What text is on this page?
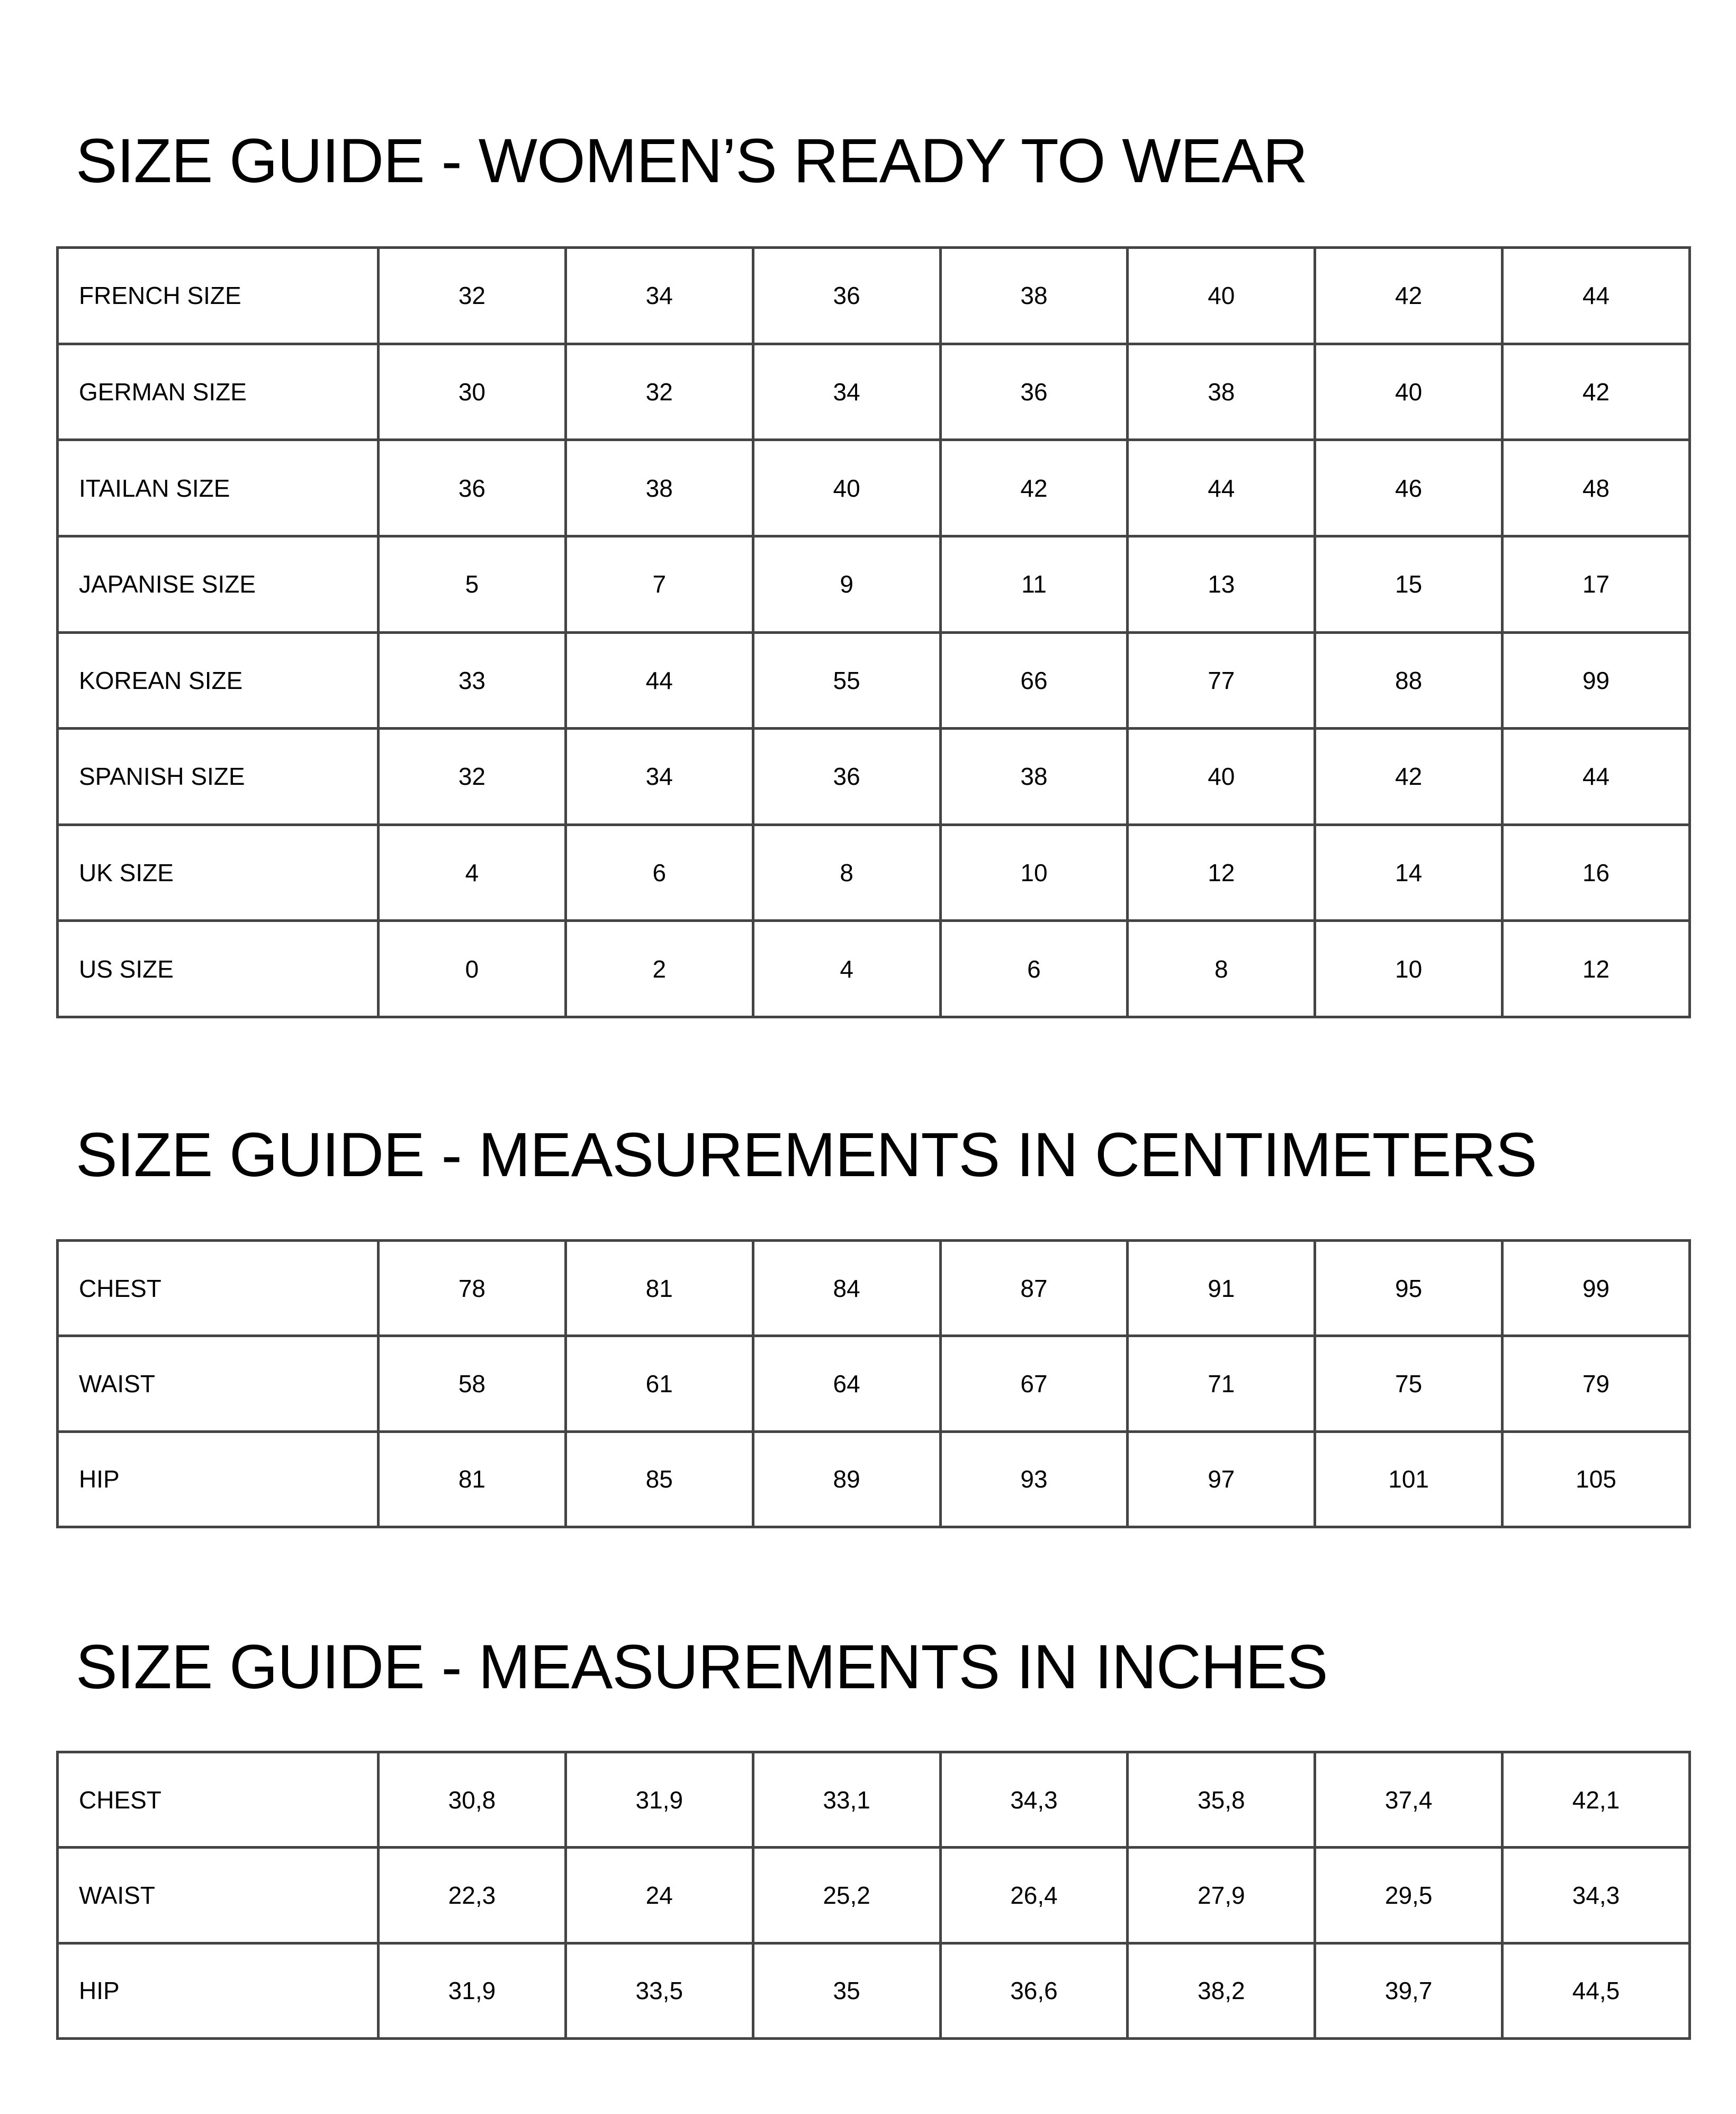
SIZE GUIDE - WOMEN’S READY TO WEAR
FRENCH SIZE	32	34	36	38	40	42	44
GERMAN SIZE	30	32	34	36	38	40	42
ITAILAN SIZE	36	38	40	42	44	46	48
JAPANISE SIZE	5	7	9	11	13	15	17
KOREAN SIZE	33	44	55	66	77	88	99
SPANISH SIZE	32	34	36	38	40	42	44
UK SIZE	4	6	8	10	12	14	16
US SIZE	0	2	4	6	8	10	12
SIZE GUIDE - MEASUREMENTS IN CENTIMETERS
CHEST	78	81	84	87	91	95	99
WAIST	58	61	64	67	71	75	79
HIP	81	85	89	93	97	101	105
SIZE GUIDE - MEASUREMENTS IN INCHES
CHEST	30,8	31,9	33,1	34,3	35,8	37,4	42,1
WAIST	22,3	24	25,2	26,4	27,9	29,5	34,3
HIP	31,9	33,5	35	36,6	38,2	39,7	44,5
